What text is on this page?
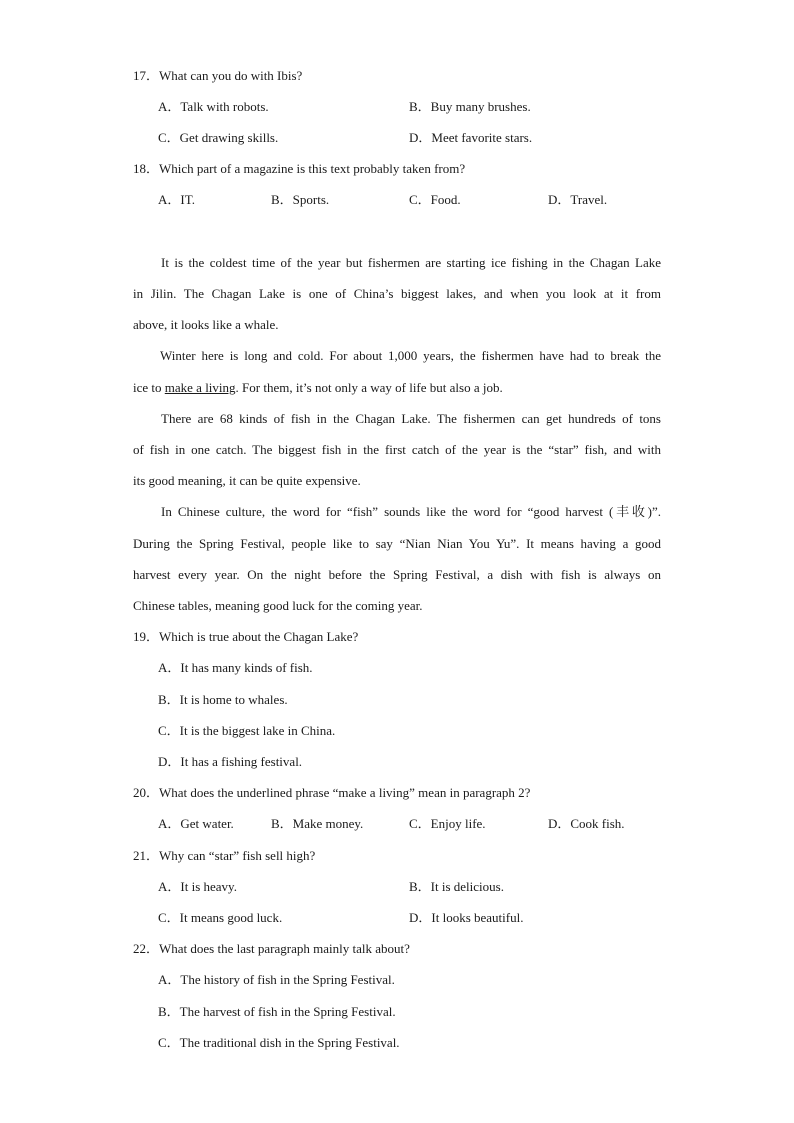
17．What can you do with Ibis?
A．Talk with robots.	B．Buy many brushes.
C．Get drawing skills.	D．Meet favorite stars.
18．Which part of a magazine is this text probably taken from?
A．IT.	B．Sports.	C．Food.	D．Travel.
It is the coldest time of the year but fishermen are starting ice fishing in the Chagan Lake
in Jilin. The Chagan Lake is one of China’s biggest lakes, and when you look at it from
above, it looks like a whale.
Winter here is long and cold. For about 1,000 years, the fishermen have had to break the
ice to make a living. For them, it’s not only a way of life but also a job.
There are 68 kinds of fish in the Chagan Lake. The fishermen can get hundreds of tons
of fish in one catch. The biggest fish in the first catch of the year is the “star” fish, and with
its good meaning, it can be quite expensive.
In Chinese culture, the word for “fish” sounds like the word for “good harvest (丰收)”.
During the Spring Festival, people like to say “Nian Nian You Yu”. It means having a good
harvest every year. On the night before the Spring Festival, a dish with fish is always on
Chinese tables, meaning good luck for the coming year.
19．Which is true about the Chagan Lake?
A．It has many kinds of fish.
B．It is home to whales.
C．It is the biggest lake in China.
D．It has a fishing festival.
20．What does the underlined phrase “make a living” mean in paragraph 2?
A．Get water.	B．Make money.	C．Enjoy life.	D．Cook fish.
21．Why can “star” fish sell high?
A．It is heavy.	B．It is delicious.
C．It means good luck.	D．It looks beautiful.
22．What does the last paragraph mainly talk about?
A．The history of fish in the Spring Festival.
B．The harvest of fish in the Spring Festival.
C．The traditional dish in the Spring Festival.
